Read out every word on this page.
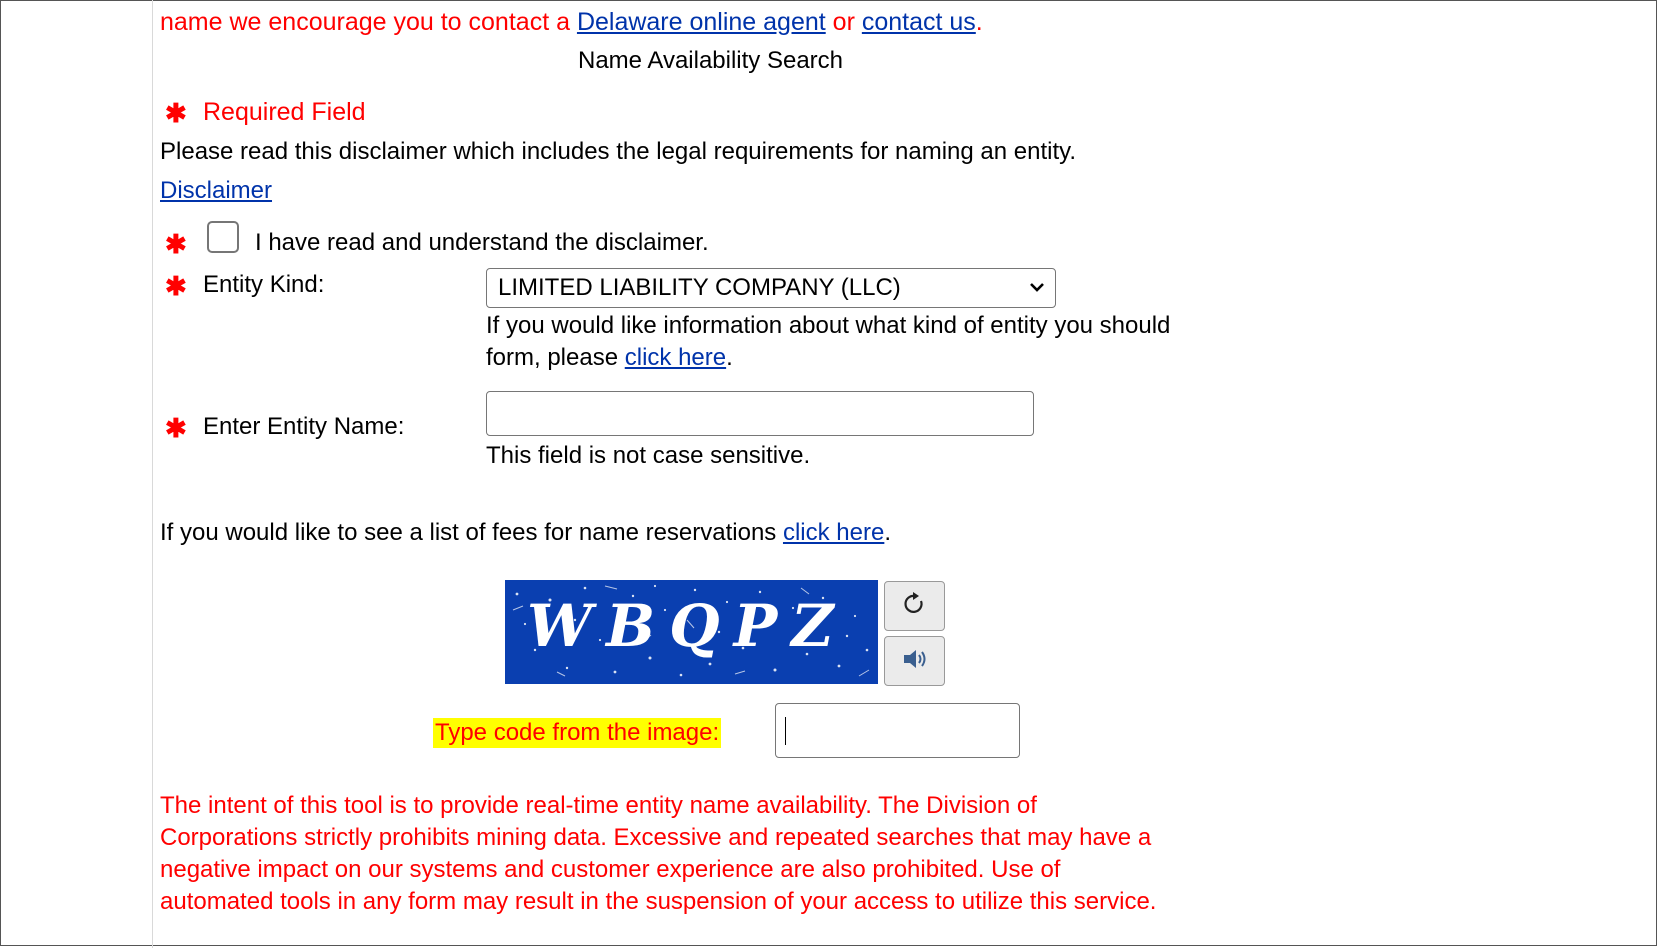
name we encourage you to contact a Delaware online agent or contact us.
Name Availability Search
✱ Required Field
Please read this disclaimer which includes the legal requirements for naming an entity.
Disclaimer
✱	I have read and understand the disclaimer.
✱ Entity Kind:	LIMITED LIABILITY COMPANY (LLC)
If you would like information about what kind of entity you should
form, please click here.
✱ Enter Entity Name:
This field is not case sensitive.
If you would like to see a list of fees for name reservations click here.
WBQPZ
Type code from the image:
The intent of this tool is to provide real-time entity name availability. The Division of
Corporations strictly prohibits mining data. Excessive and repeated searches that may have a
negative impact on our systems and customer experience are also prohibited. Use of
automated tools in any form may result in the suspension of your access to utilize this service.
